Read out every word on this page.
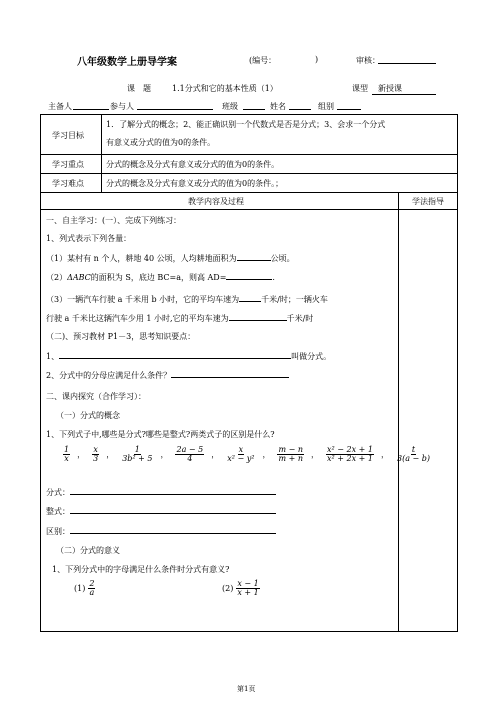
八年级数学上册导学案	(编号：	)	审核：
课　题	1.1分式和它的基本性质（1）	课型	新授课
主备人	参与人	班级	姓名	组别
学习目标
1．了解分式的概念；2、能正确识别一个代数式是否是分式；3、会求一个分式
有意义或分式的值为0的条件。
学习重点	分式的概念及分式有意义或分式的值为0的条件。
学习难点	分式的概念及分式有意义或分式的值为0的条件。；
教学内容及过程	学法指导
一、自主学习：(一）、完成下列练习：
1、列式表示下列各量：
（1）某村有 n 个人，耕地 40 公顷，人均耕地面积为	公顷。
（2）ΔABC的面积为 S，底边 BC=a，则高 AD=	.
（3）一辆汽车行驶 a 千米用 b 小时，它的平均车速为	千米/时；一辆火车
行驶 a 千米比这辆汽车少用 1 小时,它的平均车速为	千米/时
（二)、预习教材 P1－3，思考知识要点：
1、	叫做分式。
2、分式中的分母应满足什么条件？
二、课内探究（合作学习）：
（一）分式的概念
1、下列式子中,哪些是分式?哪些是整式?两类式子的区别是什么?
$\frac{1}{x}$ ， $\frac{x}{3}$ ， $\frac{1}{\text{3b² + 5}}$ ， $\frac{2a - 5}{4}$ ， $\frac{x}{\text{x² − y²}}$ ， $\frac{m - n}{m + n}$ ， $\frac{\text{x² − 2x + 1}}{\text{x² + 2x + 1}}$ ， $\frac{t}{3(a - b)}$
分式：
整式：
区别：
（二）分式的意义
1、下列分式中的字母满足什么条件时分式有意义?
$(1) \frac{2}{a}$	$(2) \frac{x - 1}{x + 1}$
第1页
